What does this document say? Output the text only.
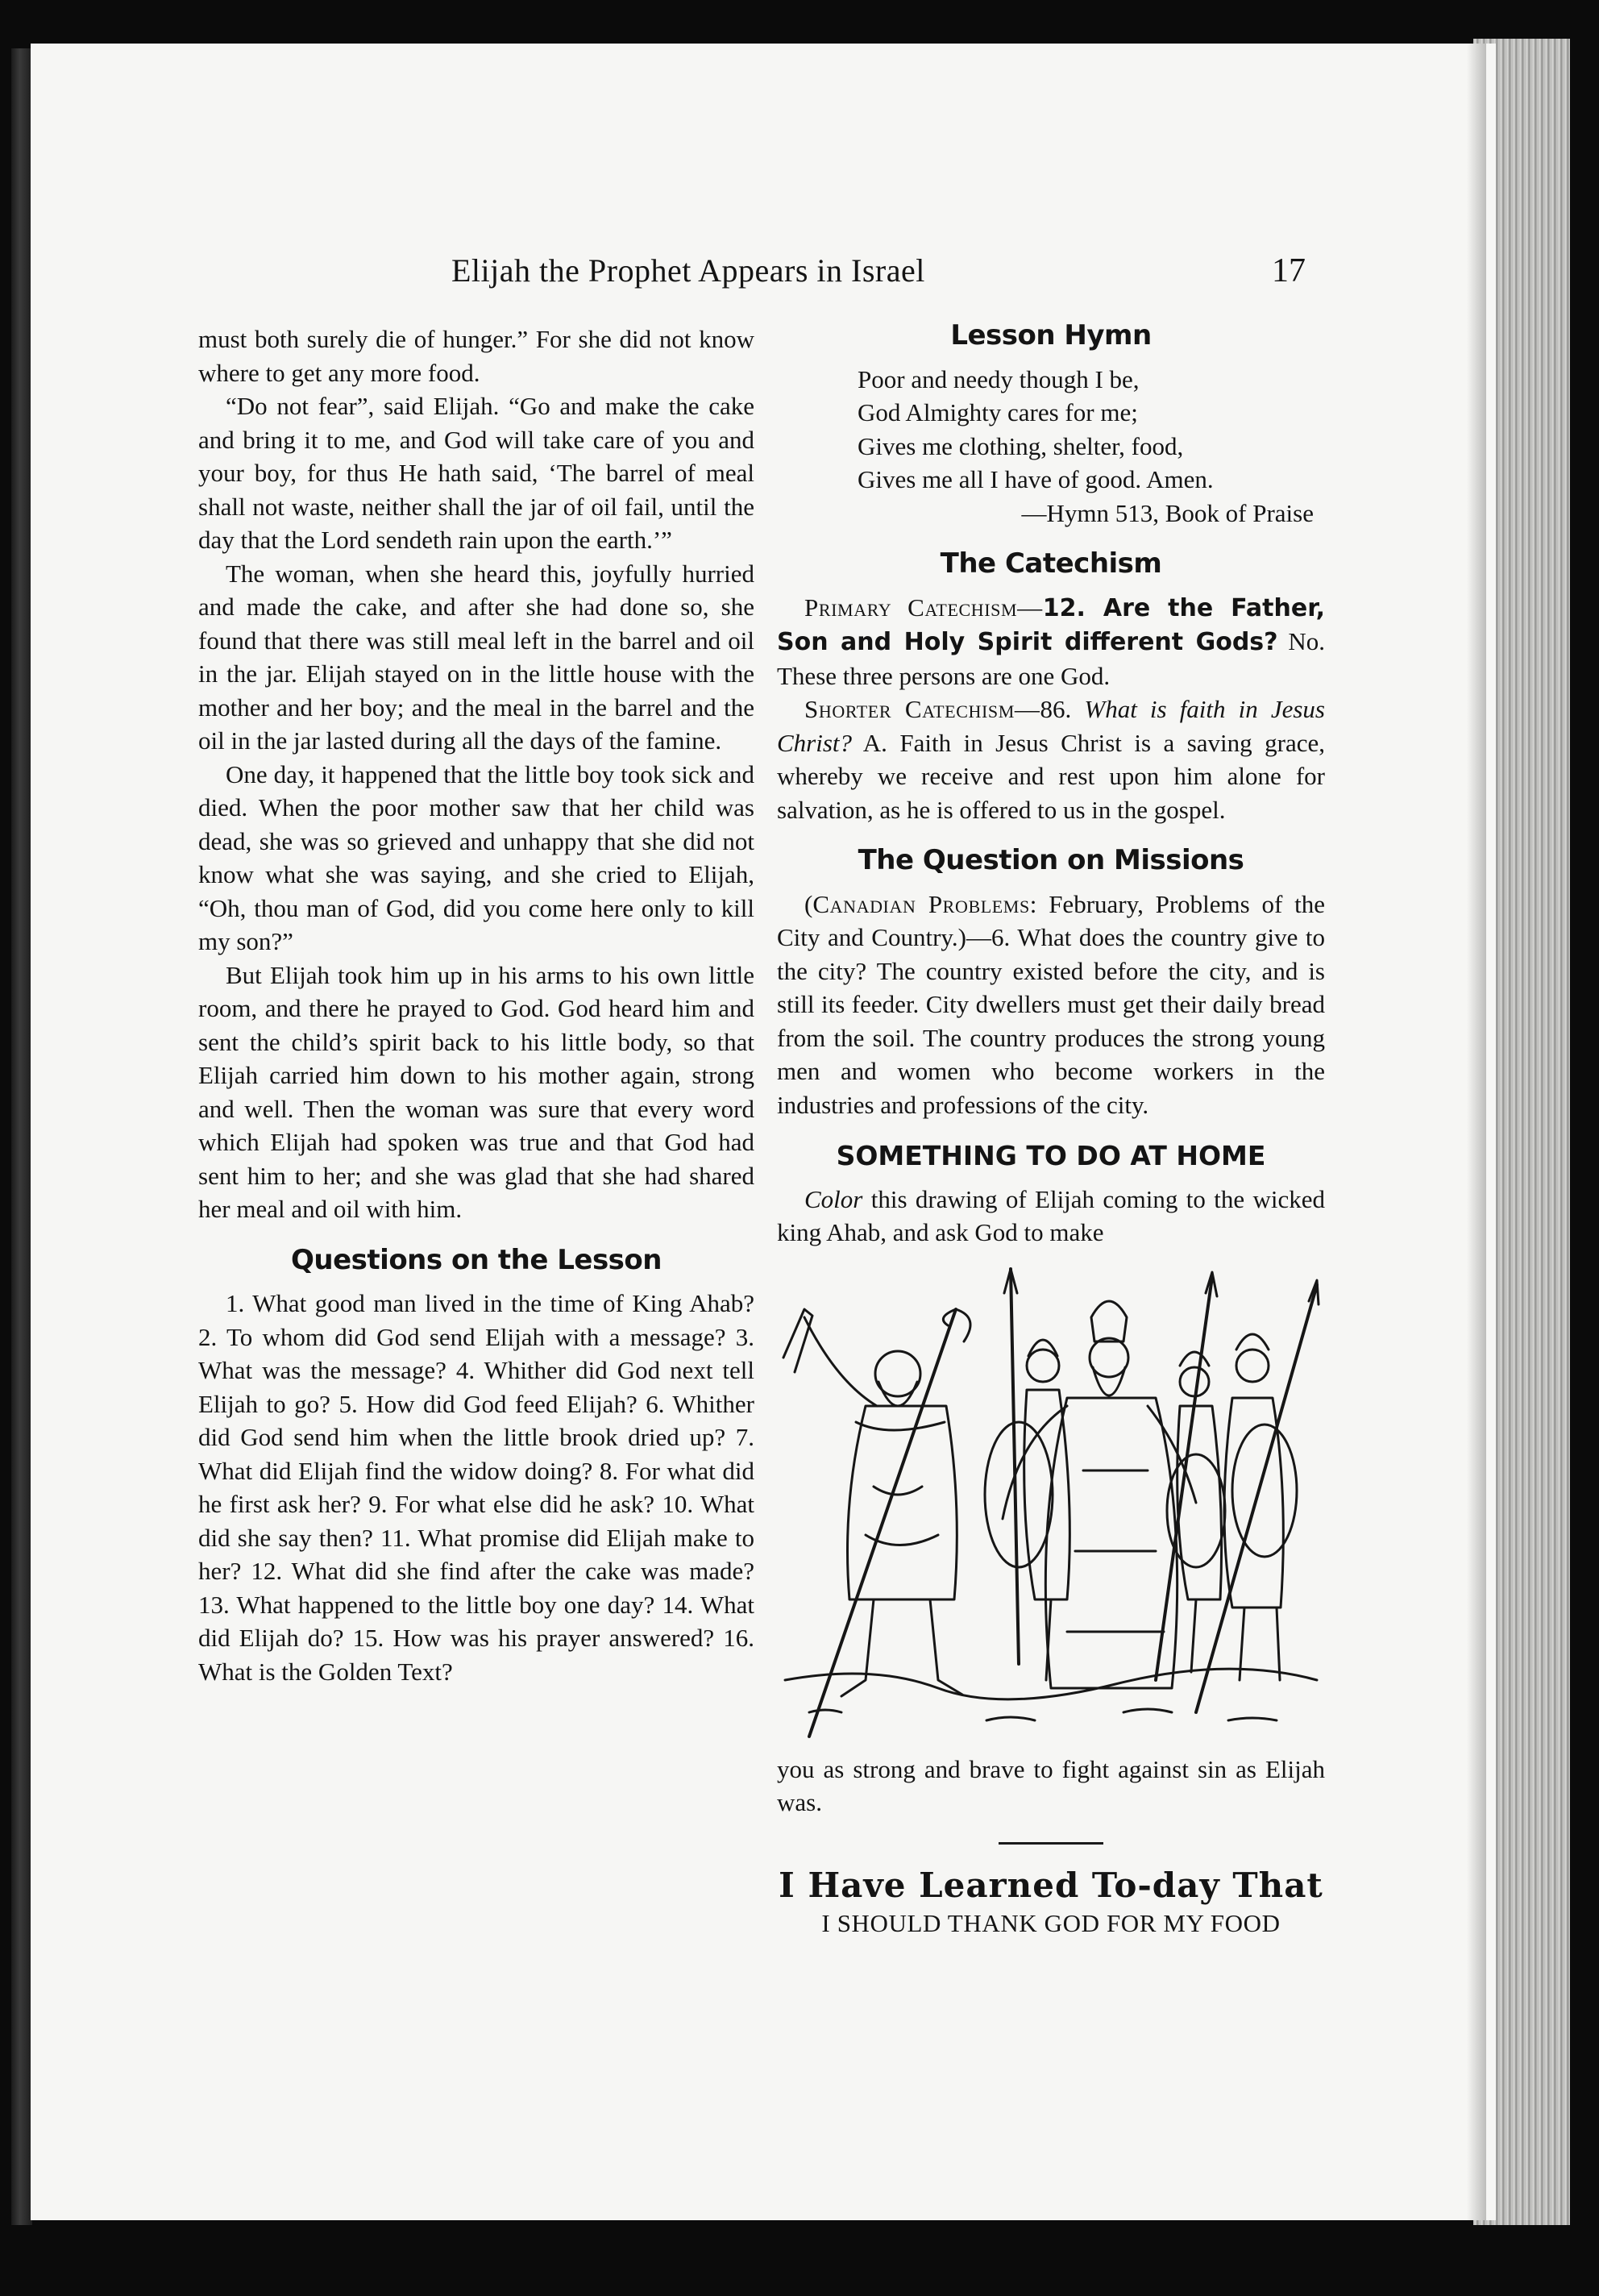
Elijah the Prophet Appears in Israel	17

must both surely die of hunger.” For she did not know where to get any more food.

“Do not fear”, said Elijah. “Go and make the cake and bring it to me, and God will take care of you and your boy, for thus He hath said, ‘The barrel of meal shall not waste, neither shall the jar of oil fail, until the day that the Lord sendeth rain upon the earth.’”

The woman, when she heard this, joyfully hurried and made the cake, and after she had done so, she found that there was still meal left in the barrel and oil in the jar. Elijah stayed on in the little house with the mother and her boy; and the meal in the barrel and the oil in the jar lasted during all the days of the famine.

One day, it happened that the little boy took sick and died. When the poor mother saw that her child was dead, she was so grieved and unhappy that she did not know what she was saying, and she cried to Elijah, “Oh, thou man of God, did you come here only to kill my son?”

But Elijah took him up in his arms to his own little room, and there he prayed to God. God heard him and sent the child’s spirit back to his little body, so that Elijah carried him down to his mother again, strong and well. Then the woman was sure that every word which Elijah had spoken was true and that God had sent him to her; and she was glad that she had shared her meal and oil with him.

Questions on the Lesson

1. What good man lived in the time of King Ahab? 2. To whom did God send Elijah with a message? 3. What was the message? 4. Whither did God next tell Elijah to go? 5. How did God feed Elijah? 6. Whither did God send him when the little brook dried up? 7. What did Elijah find the widow doing? 8. For what did he first ask her? 9. For what else did he ask? 10. What did she say then? 11. What promise did Elijah make to her? 12. What did she find after the cake was made? 13. What happened to the little boy one day? 14. What did Elijah do? 15. How was his prayer answered? 16. What is the Golden Text?

Lesson Hymn
Poor and needy though I be,
God Almighty cares for me;
Gives me clothing, shelter, food,
Gives me all I have of good. Amen.
—Hymn 513, Book of Praise
The Catechism

Primary Catechism—12. Are the Father, Son and Holy Spirit different Gods? No. These three persons are one God.

Shorter Catechism—86. What is faith in Jesus Christ? A. Faith in Jesus Christ is a saving grace, whereby we receive and rest upon him alone for salvation, as he is offered to us in the gospel.

The Question on Missions

(Canadian Problems: February, Problems of the City and Country.)—6. What does the country give to the city? The country existed before the city, and is still its feeder. City dwellers must get their daily bread from the soil. The country produces the strong young men and women who become workers in the industries and professions of the city.

SOMETHING TO DO AT HOME

Color this drawing of Elijah coming to the wicked king Ahab, and ask God to make

you as strong and brave to fight against sin as Elijah was.

I Have Learned To-day That
I SHOULD THANK GOD FOR MY FOOD
